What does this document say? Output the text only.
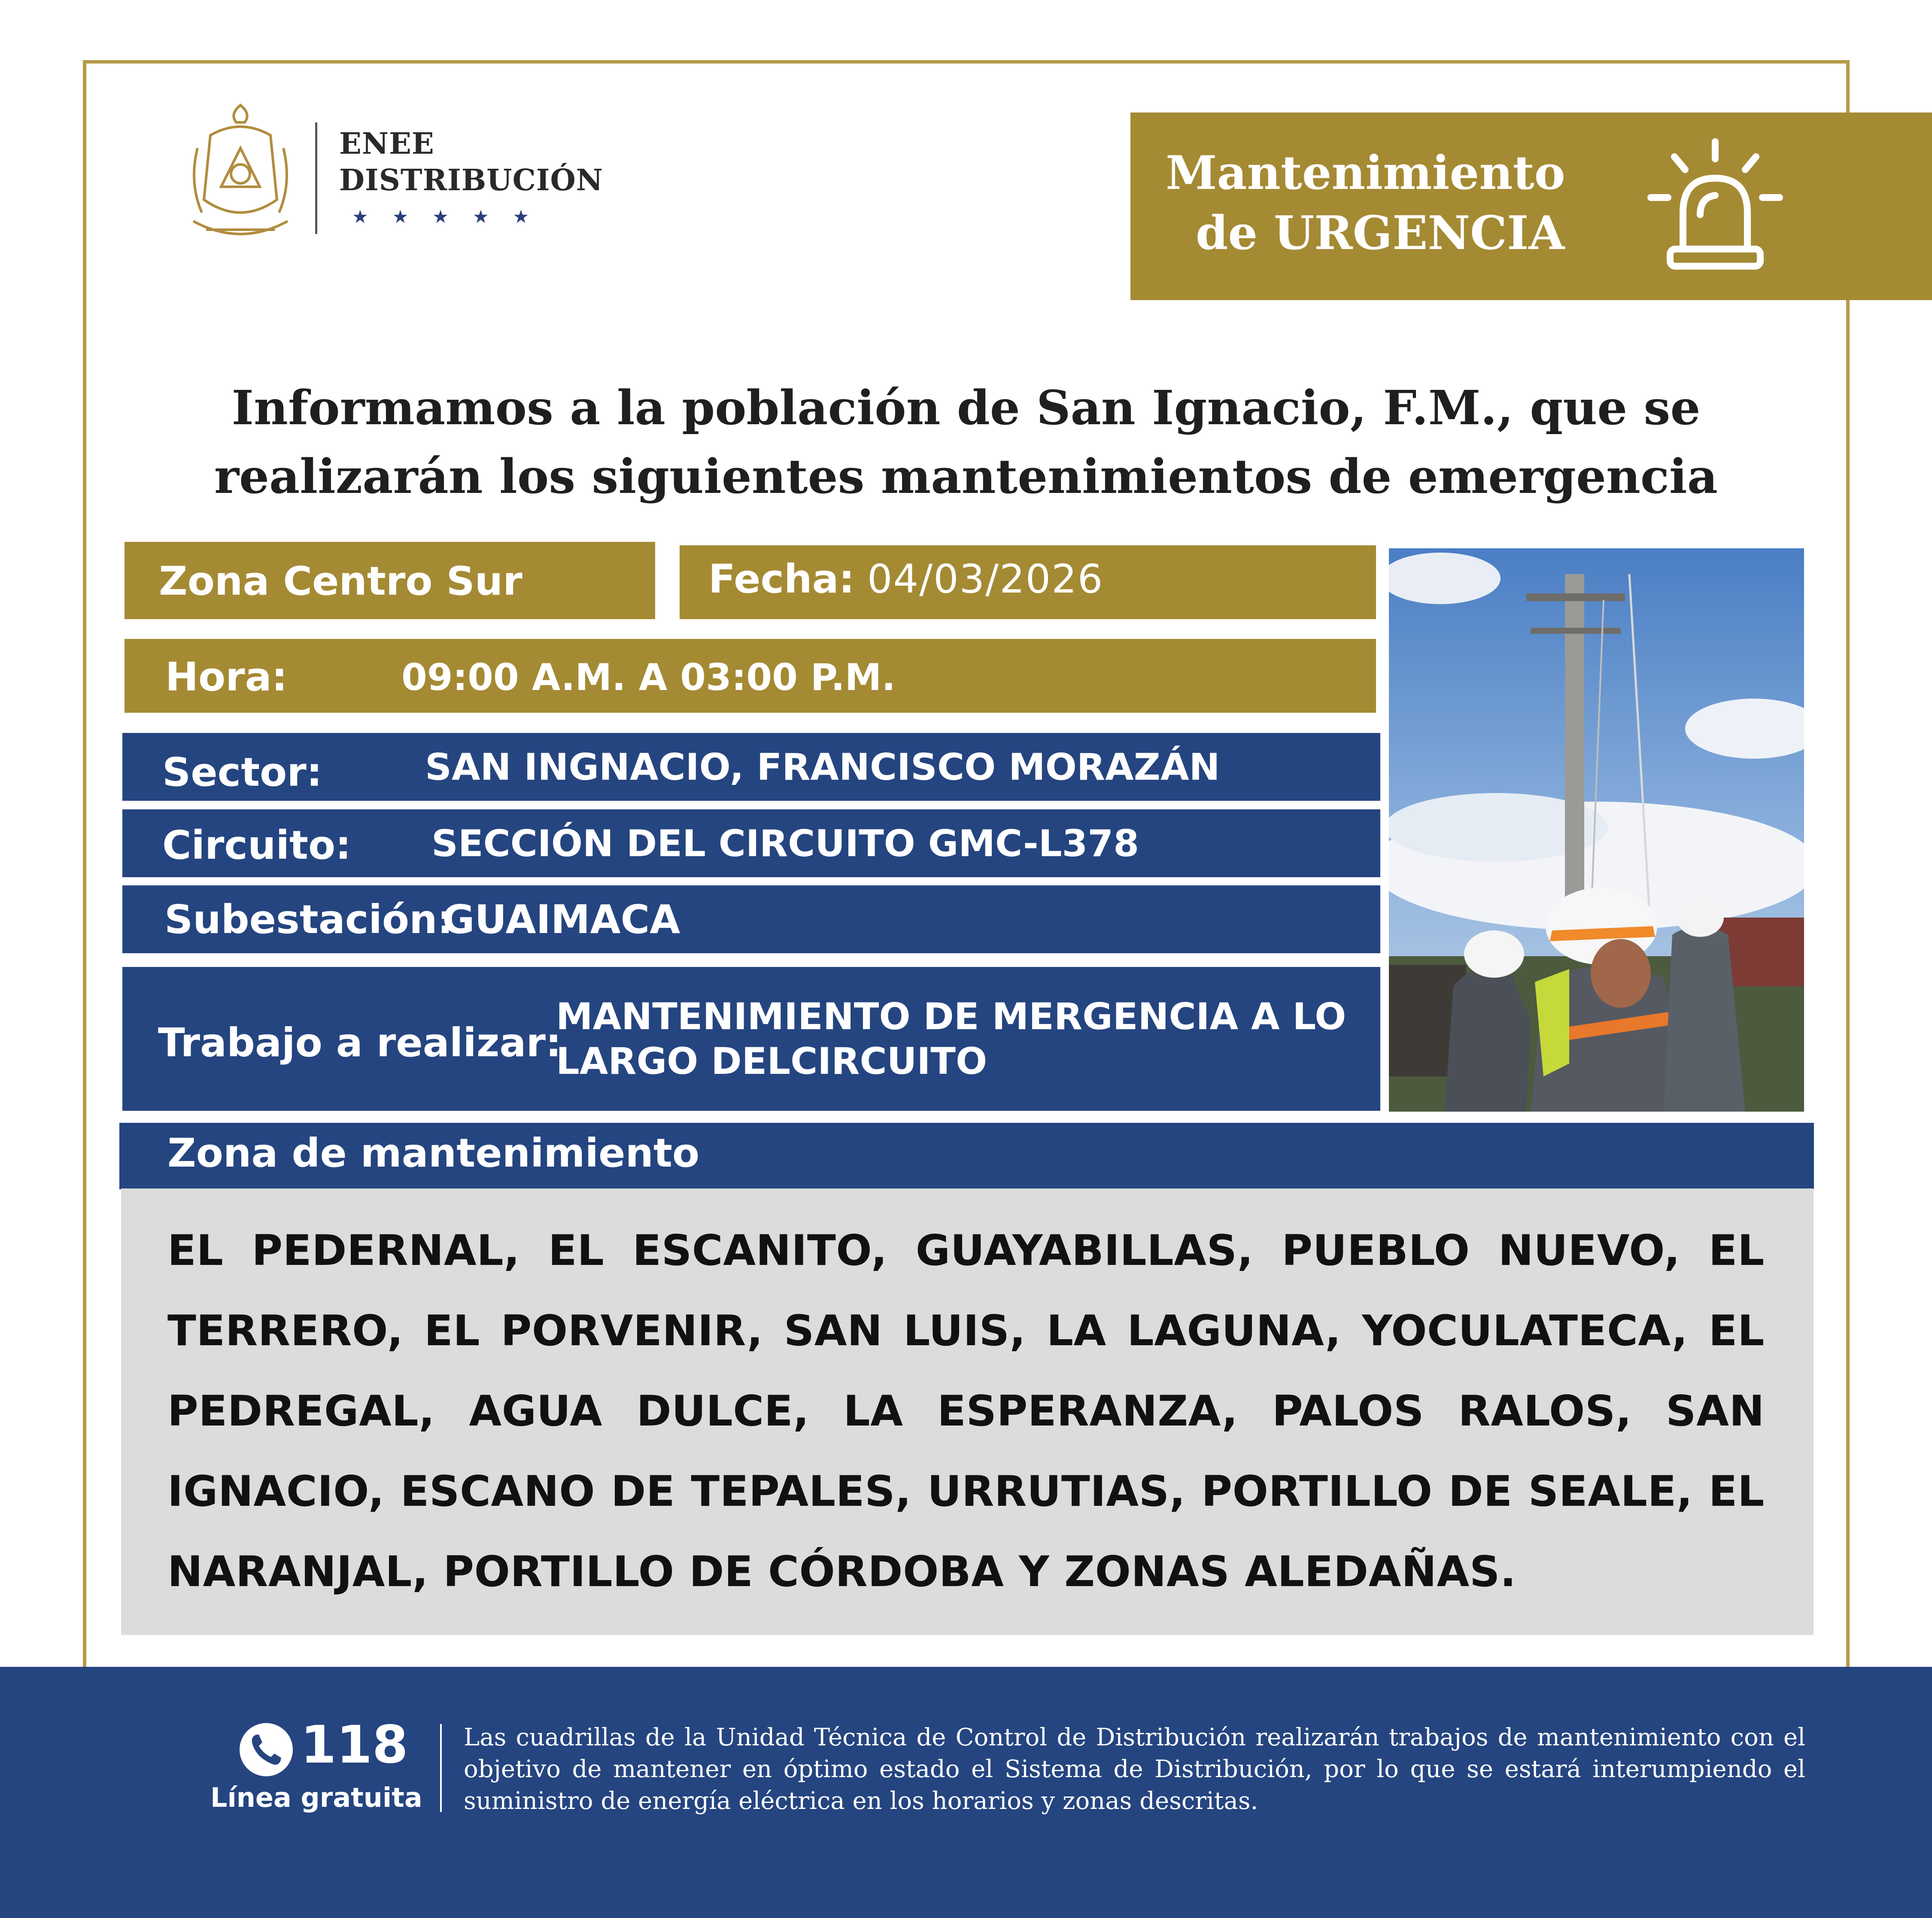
ENEE
DISTRIBUCIÓN
★★★★★
Mantenimiento
de URGENCIA
Informamos a la población de San Ignacio, F.M., que se
realizarán los siguientes mantenimientos de emergencia
Zona Centro Sur	Fecha: 04/03/2026
Hora:	09:00 A.M. A 03:00 P.M.
Sector:	SAN INGNACIO, FRANCISCO MORAZÁN
Circuito: SECCIÓN DEL CIRCUITO GMC-L378
Subestación:
GUAIMACA
Trabajo a realizar:
MANTENIMIENTO DE MERGENCIA A LO
LARGO DELCIRCUITO
Zona de mantenimiento
EL PEDERNAL, EL ESCANITO, GUAYABILLAS, PUEBLO NUEVO, EL TERRERO, EL PORVENIR, SAN LUIS, LA LAGUNA, YOCULATECA, EL PEDREGAL, AGUA DULCE, LA ESPERANZA, PALOS RALOS, SAN IGNACIO, ESCANO DE TEPALES, URRUTIAS, PORTILLO DE SEALE, EL NARANJAL, PORTILLO DE CÓRDOBA Y ZONAS ALEDAÑAS.
118
Línea gratuita
Las cuadrillas de la Unidad Técnica de Control de Distribución realizarán trabajos de mantenimiento con el objetivo de mantener en óptimo estado el Sistema de Distribución, por lo que se estará interumpiendo el suministro de energía eléctrica en los horarios y zonas descritas.
